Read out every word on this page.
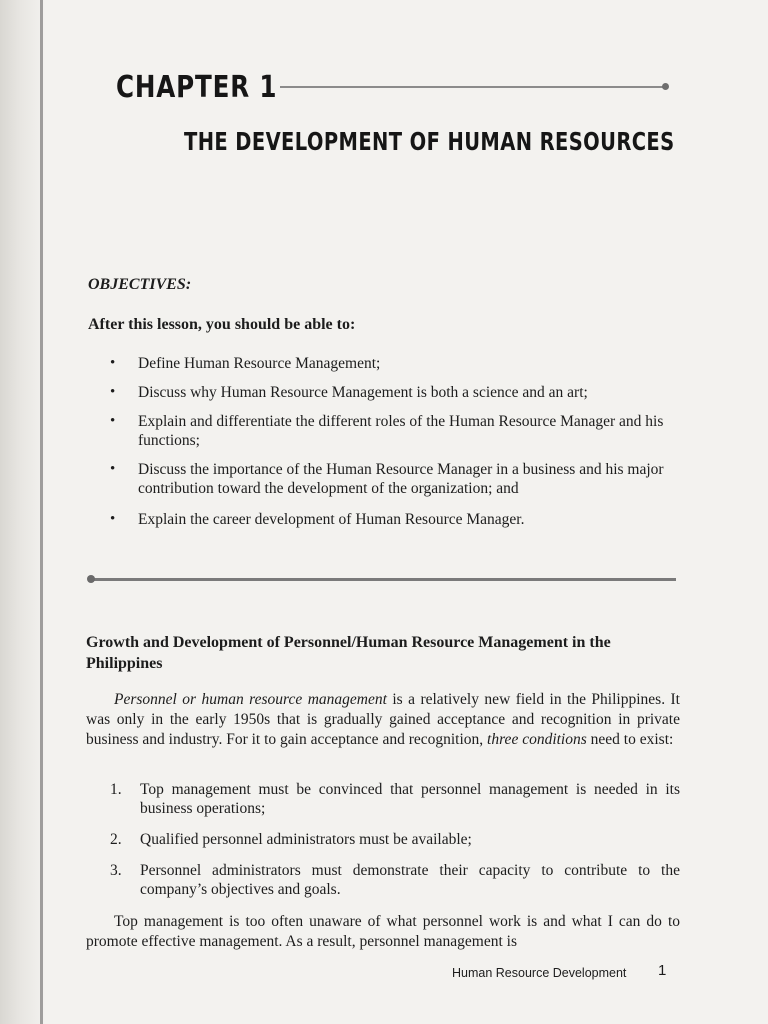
CHAPTER 1
THE DEVELOPMENT OF HUMAN RESOURCES
OBJECTIVES:
After this lesson, you should be able to:
• Define Human Resource Management;
• Discuss why Human Resource Management is both a science and an art;
• Explain and differentiate the different roles of the Human Resource Manager and his functions;
• Discuss the importance of the Human Resource Manager in a business and his major contribution toward the development of the organization; and
• Explain the career development of Human Resource Manager.
Growth and Development of Personnel/Human Resource Management in the Philippines

Personnel or human resource management is a relatively new field in the Philippines. It was only in the early 1950s that is gradually gained acceptance and recognition in private business and industry. For it to gain acceptance and recognition, three conditions need to exist:

1. Top management must be convinced that personnel management is needed in its business operations;
2. Qualified personnel administrators must be available;
3. Personnel administrators must demonstrate their capacity to contribute to the company’s objectives and goals.

Top management is too often unaware of what personnel work is and what I can do to promote effective management. As a result, personnel management is

Human Resource Development 1
